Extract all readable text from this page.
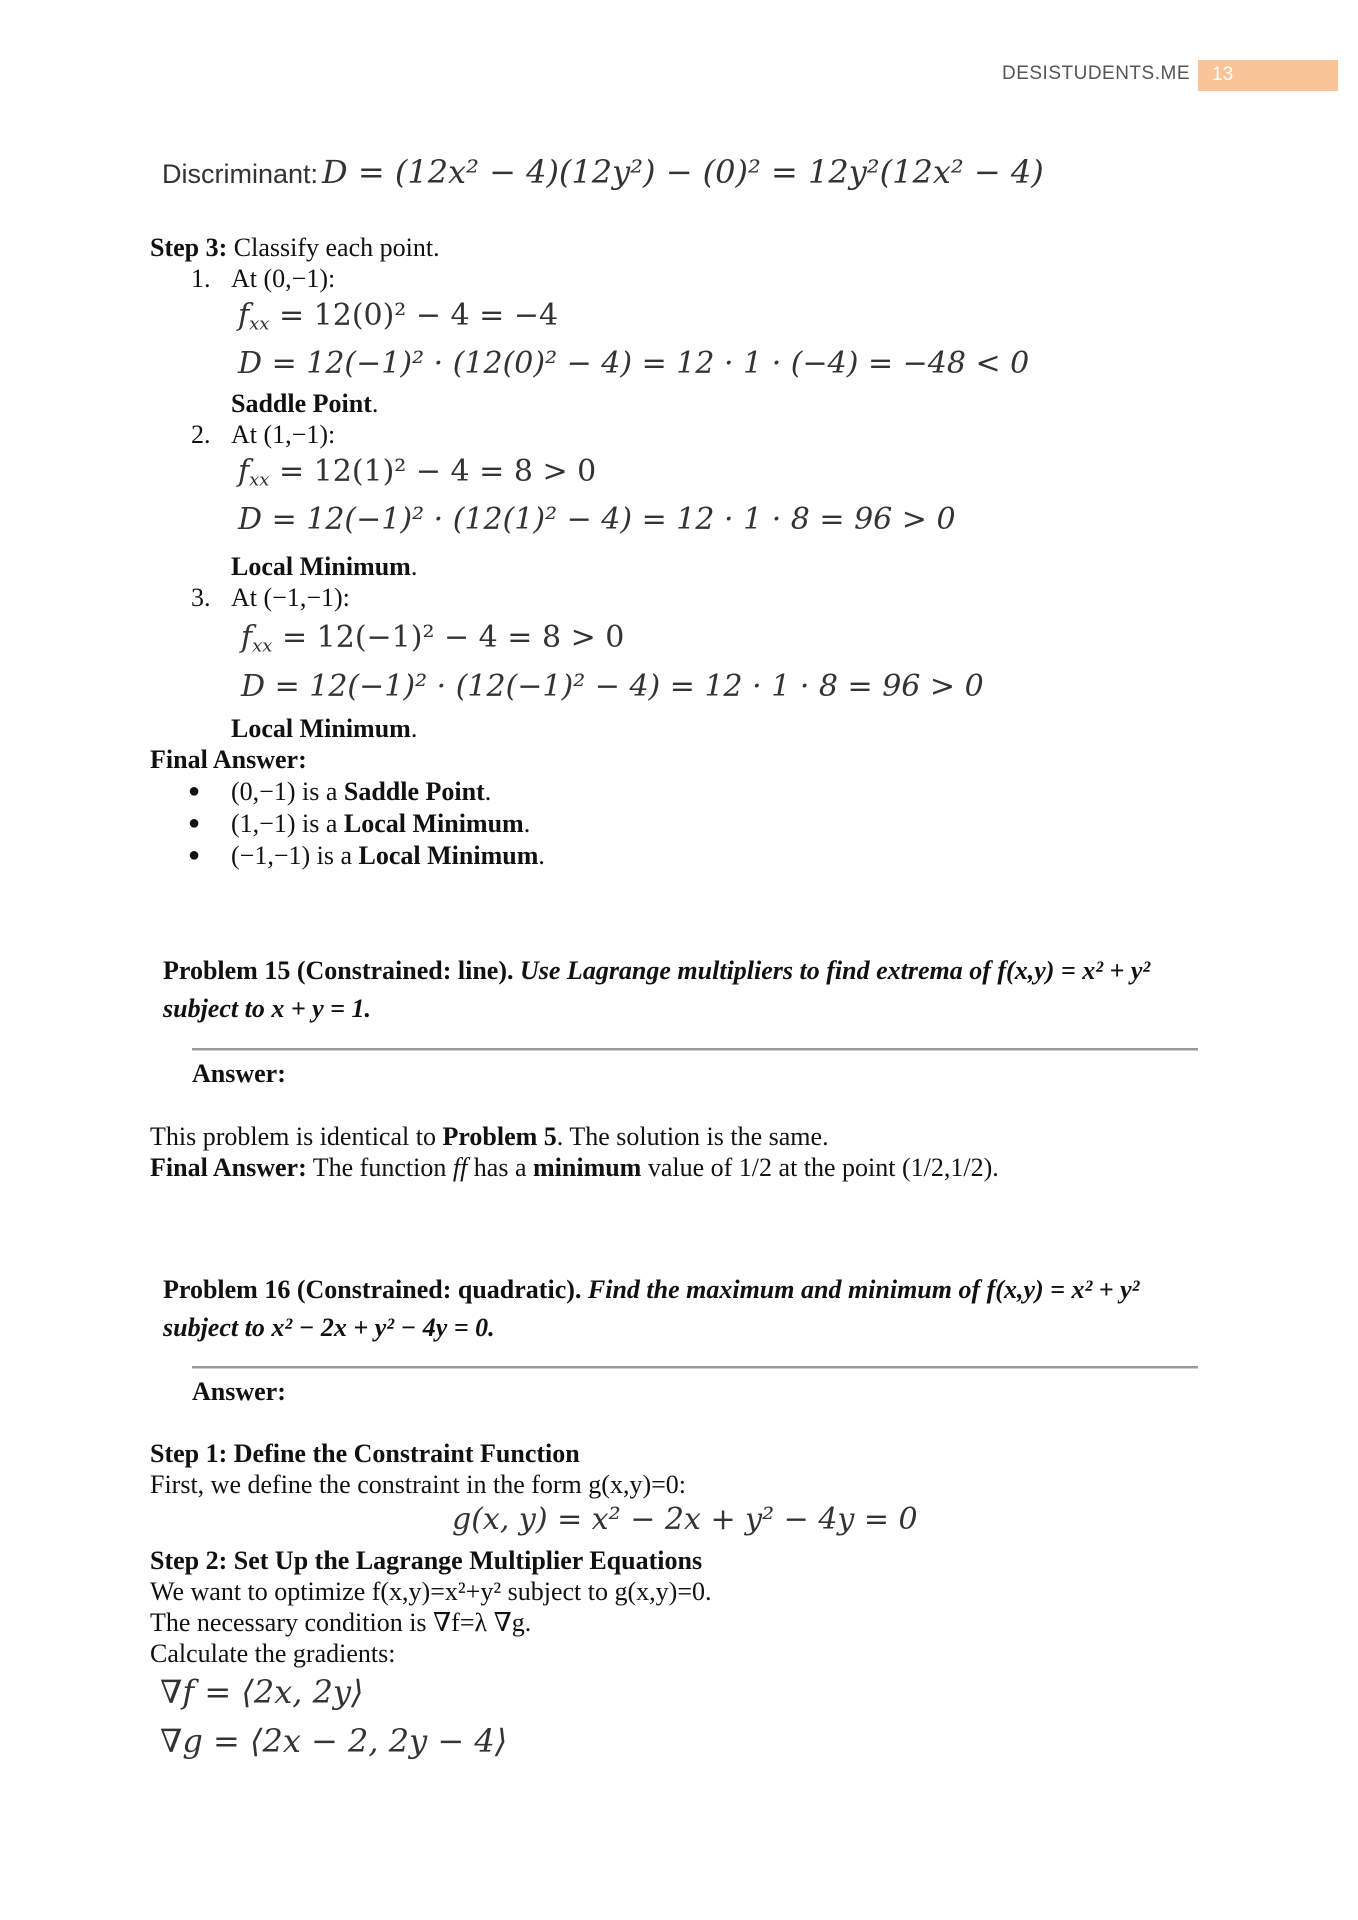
DESISTUDENTS.ME 13
Discriminant: D = (12x² − 4)(12y²) − (0)² = 12y²(12x² − 4)
Step 3: Classify each point.
1. At (0,−1):
$f_{xx} = 12(0)^2 - 4 = -4$
D = 12(−1)² · (12(0)² − 4) = 12 · 1 · (−4) = −48 < 0
Saddle Point.
2. At (1,−1):
$f_{xx} = 12(1)^2 - 4 = 8 > 0$
D = 12(−1)² · (12(1)² − 4) = 12 · 1 · 8 = 96 > 0
Local Minimum.
3. At (−1,−1):
$f_{xx} = 12(-1)^2 - 4 = 8 > 0$
D = 12(−1)² · (12(−1)² − 4) = 12 · 1 · 8 = 96 > 0
Local Minimum.
Final Answer:
● (0,−1) is a Saddle Point.
● (1,−1) is a Local Minimum.
● (−1,−1) is a Local Minimum.
Problem 15 (Constrained: line). Use Lagrange multipliers to find extrema of f(x,y) = x² + y² subject to x + y = 1.
Answer:
This problem is identical to Problem 5. The solution is the same.
Final Answer: The function ff has a minimum value of 1/2 at the point (1/2,1/2).
Problem 16 (Constrained: quadratic). Find the maximum and minimum of f(x,y) = x² + y² subject to x² − 2x + y² − 4y = 0.
Answer:
Step 1: Define the Constraint Function
First, we define the constraint in the form g(x,y)=0:
g(x, y) = x² − 2x + y² − 4y = 0
Step 2: Set Up the Lagrange Multiplier Equations
We want to optimize f(x,y)=x²+y² subject to g(x,y)=0.
The necessary condition is ∇f=λ ∇g.
Calculate the gradients:
∇f = ⟨2x, 2y⟩
∇g = ⟨2x − 2, 2y − 4⟩
